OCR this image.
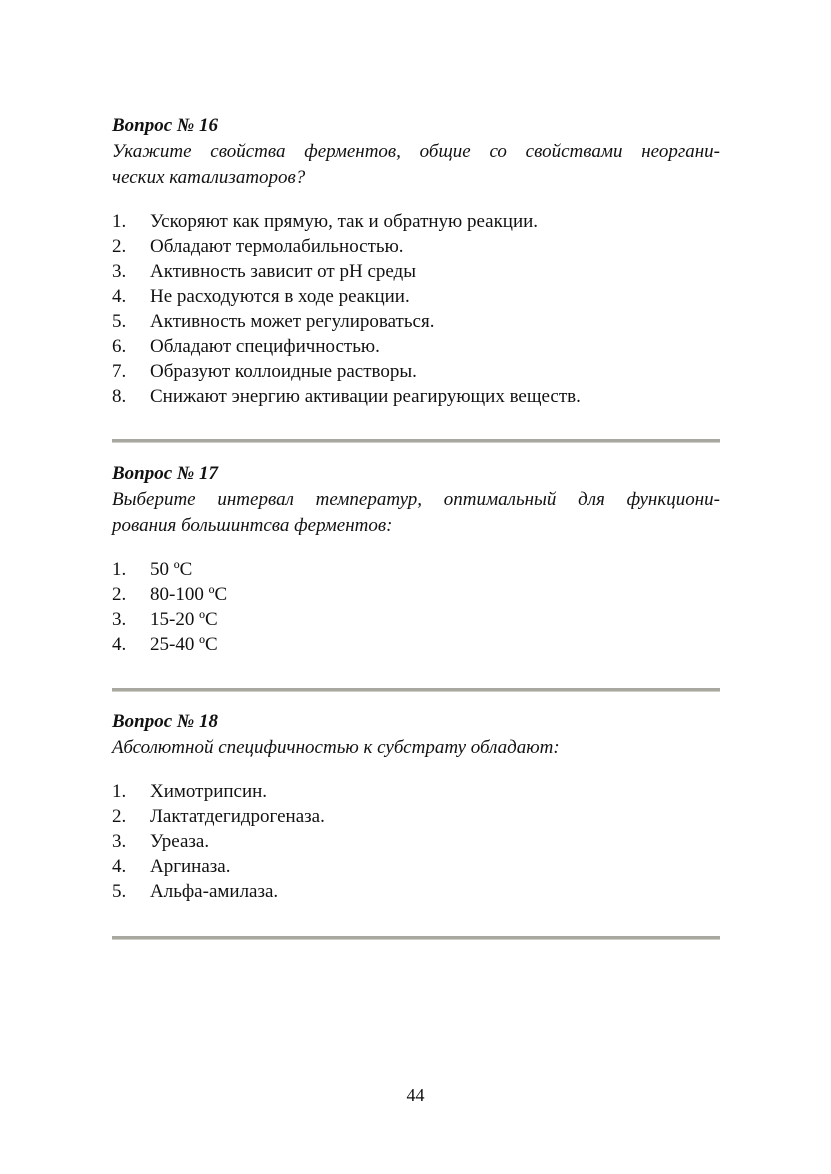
Вопрос № 16

Укажите свойства ферментов, общие со свойствами неоргани-
ческих катализаторов?

1.	Ускоряют как прямую, так и обратную реакции.
2.	Обладают термолабильностью.
3.	Активность зависит от pH среды
4.	Не расходуются в ходе реакции.
5.	Активность может регулироваться.
6.	Обладают специфичностью.
7.	Образуют коллоидные растворы.
8.	Снижают энергию активации реагирующих веществ.

Вопрос № 17

Выберите интервал температур, оптимальный для функциони-
рования большинтсва ферментов:

1.	50 ºС
2.	80-100 ºС
3.	15-20 ºС
4.	25-40 ºС

Вопрос № 18

Абсолютной специфичностью к субстрату обладают:

1.	Химотрипсин.
2.	Лактатдегидрогеназа.
3.	Уреаза.
4.	Аргиназа.
5.	Альфа-амилаза.
44
